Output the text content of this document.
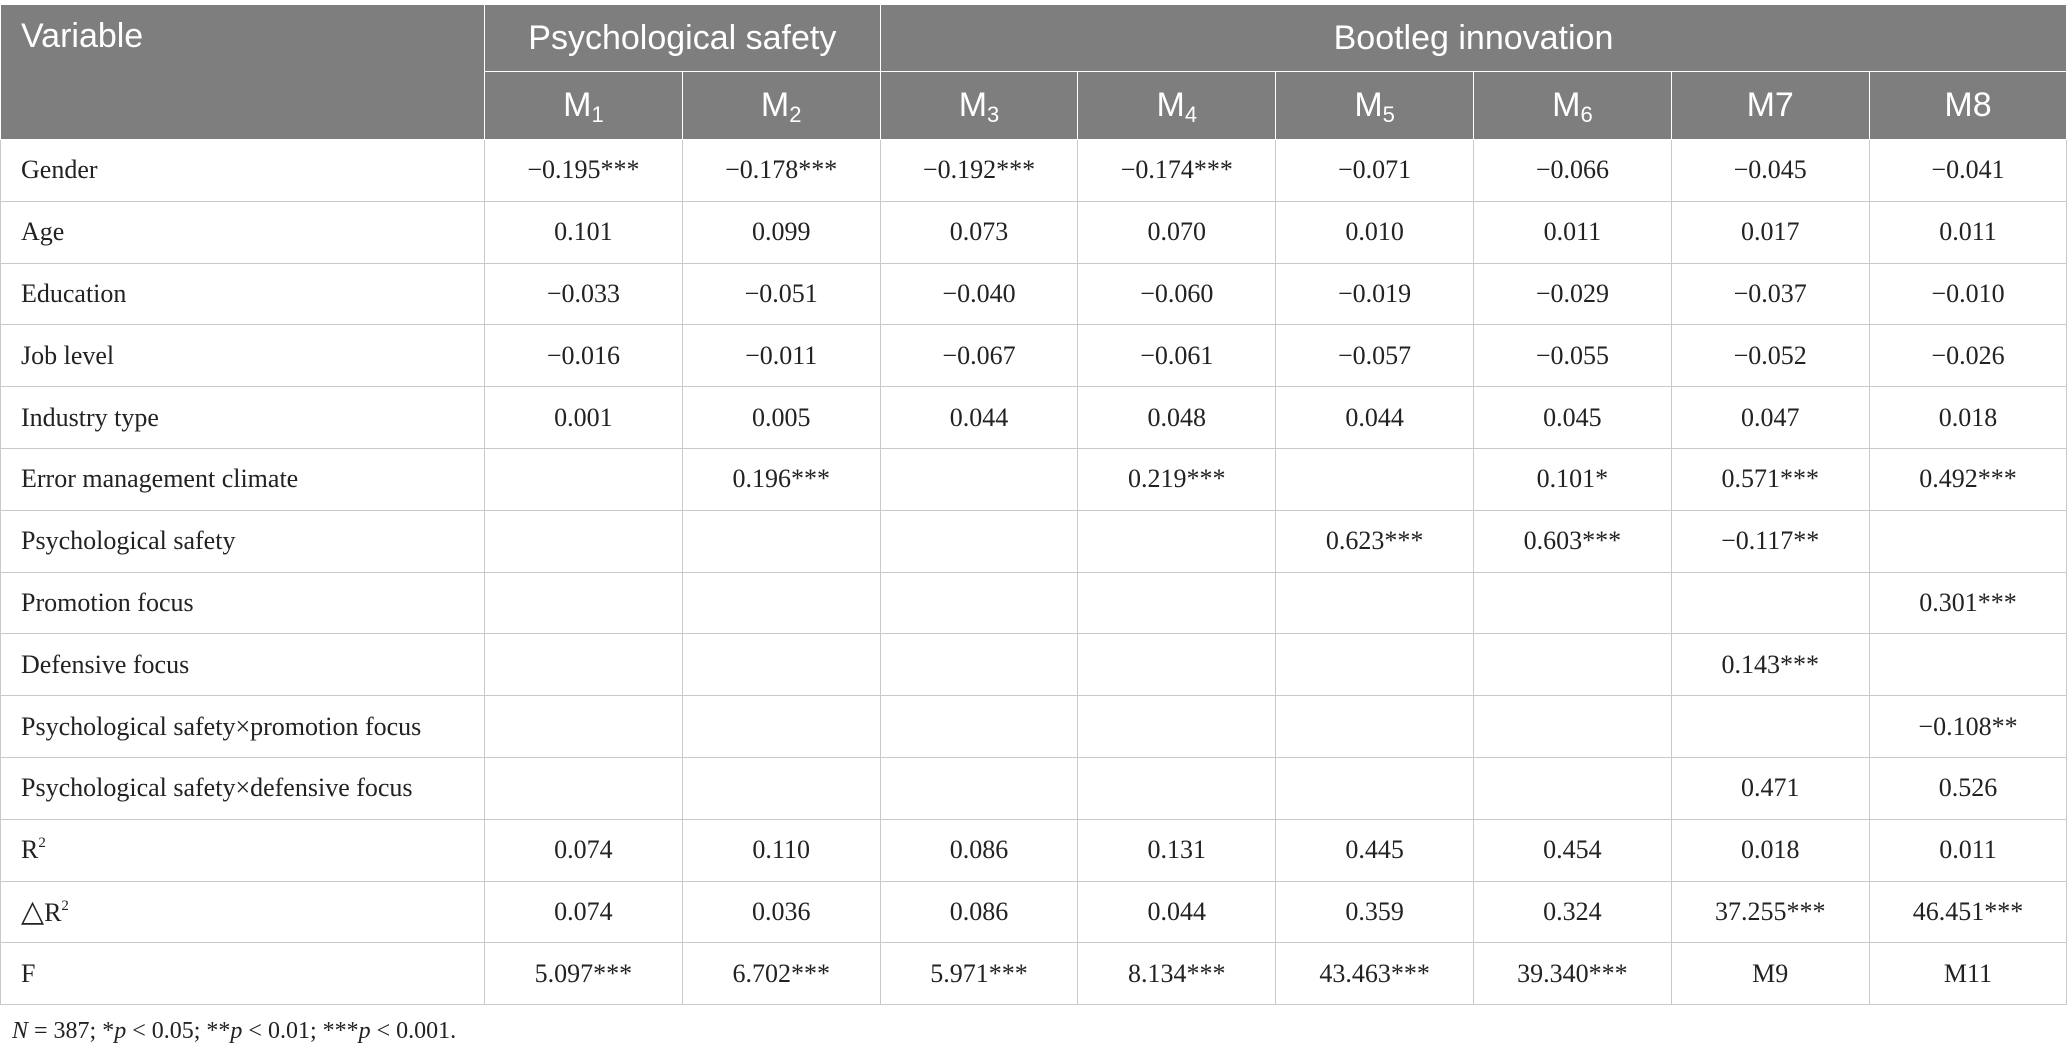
Variable	Psychological safety		Bootleg innovation					
	$M_1$	$M_2$	$M_3$	$M_4$	$M_5$	$M_6$	M7	M8
Gender	−0.195***	−0.178***	−0.192***	−0.174***	−0.071	−0.066	−0.045	−0.041
Age	0.101	0.099	0.073	0.070	0.010	0.011	0.017	0.011
Education	−0.033	−0.051	−0.040	−0.060	−0.019	−0.029	−0.037	−0.010
Job level	−0.016	−0.011	−0.067	−0.061	−0.057	−0.055	−0.052	−0.026
Industry type	0.001	0.005	0.044	0.048	0.044	0.045	0.047	0.018
Error management climate		0.196***		0.219***		0.101*	0.571***	0.492***
Psychological safety					0.623***	0.603***	−0.117**	
Promotion focus								0.301***
Defensive focus							0.143***	
Psychological safety×promotion focus								−0.108**
Psychological safety×defensive focus							0.471	0.526
$R^2$	0.074	0.110	0.086	0.131	0.445	0.454	0.018	0.011
$\triangle R^2$	0.074	0.036	0.086	0.044	0.359	0.324	37.255***	46.451***
F	5.097***	6.702***	5.971***	8.134***	43.463***	39.340***	M9	M11
N = 387; *p < 0.05; **p < 0.01; ***p < 0.001.
